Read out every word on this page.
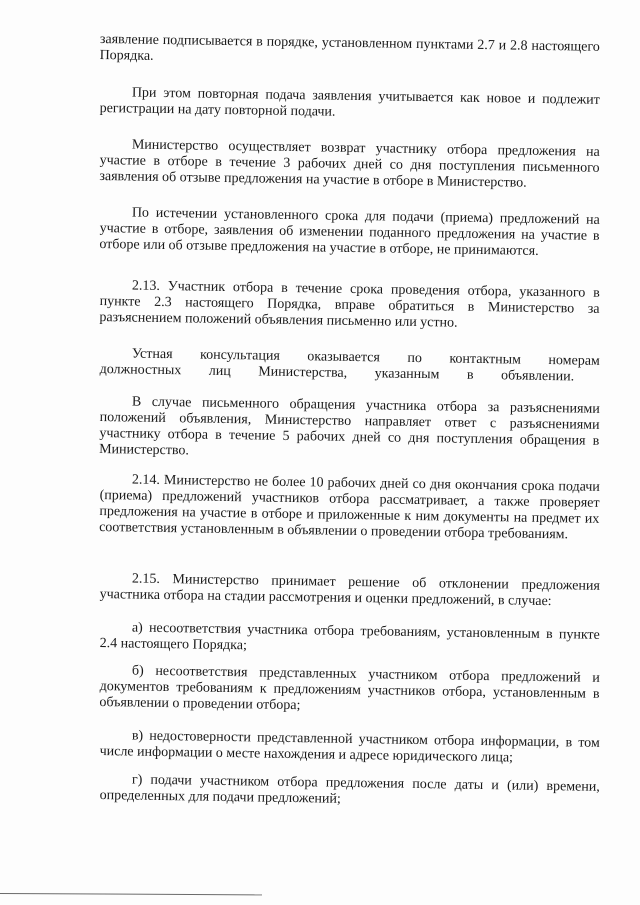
заявление подписывается в порядке, установленном пунктами 2.7 и 2.8 настоящего Порядка.

При этом повторная подача заявления учитывается как новое и подлежит регистрации на дату повторной подачи.

Министерство осуществляет возврат участнику отбора предложения на участие в отборе в течение 3 рабочих дней со дня поступления письменного заявления об отзыве предложения на участие в отборе в Министерство.

По истечении установленного срока для подачи (приема) предложений на участие в отборе, заявления об изменении поданного предложения на участие в отборе или об отзыве предложения на участие в отборе, не принимаются.

2.13. Участник отбора в течение срока проведения отбора, указанного в пункте 2.3 настоящего Порядка, вправе обратиться в Министерство за разъяснением положений объявления письменно или устно.

Устная консультация оказывается по контактным номерам должностных лиц Министерства, указанным в объявлении.

В случае письменного обращения участника отбора за разъяснениями положений объявления, Министерство направляет ответ с разъяснениями участнику отбора в течение 5 рабочих дней со дня поступления обращения в Министерство.

2.14. Министерство не более 10 рабочих дней со дня окончания срока подачи (приема) предложений участников отбора рассматривает, а также проверяет предложения на участие в отборе и приложенные к ним документы на предмет их соответствия установленным в объявлении о проведении отбора требованиям.

2.15. Министерство принимает решение об отклонении предложения участника отбора на стадии рассмотрения и оценки предложений, в случае:

а) несоответствия участника отбора требованиям, установленным в пункте 2.4 настоящего Порядка;

б) несоответствия представленных участником отбора предложений и документов требованиям к предложениям участников отбора, установленным в объявлении о проведении отбора;

в) недостоверности представленной участником отбора информации, в том числе информации о месте нахождения и адресе юридического лица;

г) подачи участником отбора предложения после даты и (или) времени, определенных для подачи предложений;
